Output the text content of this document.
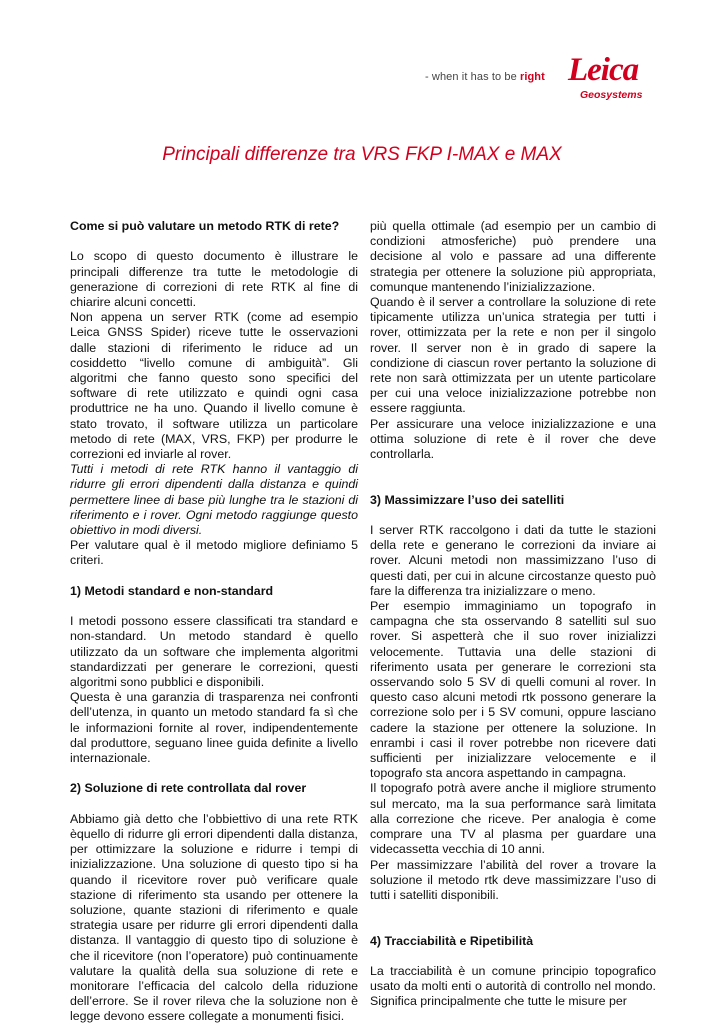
- when it has to be right Leica
Geosystems
Principali differenze tra VRS FKP I-MAX e MAX
Come si può valutare un metodo RTK di rete?

Lo scopo di questo documento è illustrare le principali differenze tra tutte le metodologie di generazione di correzioni di rete RTK al fine di chiarire alcuni concetti.

Non appena un server RTK (come ad esempio Leica GNSS Spider) riceve tutte le osservazioni dalle stazioni di riferimento le riduce ad un cosiddetto “livello comune di ambiguità”. Gli algoritmi che fanno questo sono specifici del software di rete utilizzato e quindi ogni casa produttrice ne ha uno. Quando il livello comune è stato trovato, il software utilizza un particolare metodo di rete (MAX, VRS, FKP) per produrre le correzioni ed inviarle al rover.

Tutti i metodi di rete RTK hanno il vantaggio di ridurre gli errori dipendenti dalla distanza e quindi permettere linee di base più lunghe tra le stazioni di riferimento e i rover. Ogni metodo raggiunge questo obiettivo in modi diversi.

Per valutare qual è il metodo migliore definiamo 5 criteri.

1) Metodi standard e non-standard

I metodi possono essere classificati tra standard e non-standard. Un metodo standard è quello utilizzato da un software che implementa algoritmi standardizzati per generare le correzioni, questi algoritmi sono pubblici e disponibili.

Questa è una garanzia di trasparenza nei confronti dell’utenza, in quanto un metodo standard fa sì che le informazioni fornite al rover, indipendentemente dal produttore, seguano linee guida definite a livello internazionale.

2) Soluzione di rete controllata dal rover

Abbiamo già detto che l’obbiettivo di una rete RTK èquello di ridurre gli errori dipendenti dalla distanza, per ottimizzare la soluzione e ridurre i tempi di inizializzazione. Una soluzione di questo tipo si ha quando il ricevitore rover può verificare quale stazione di riferimento sta usando per ottenere la soluzione, quante stazioni di riferimento e quale strategia usare per ridurre gli errori dipendenti dalla distanza. Il vantaggio di questo tipo di soluzione è che il ricevitore (non l’operatore) può continuamente valutare la qualità della sua soluzione di rete e monitorare l’efficacia del calcolo della riduzione dell’errore. Se il rover rileva che la soluzione non è legge devono essere collegate a monumenti fisici.

più quella ottimale (ad esempio per un cambio di condizioni atmosferiche) può prendere una decisione al volo e passare ad una differente strategia per ottenere la soluzione più appropriata, comunque mantenendo l’inizializzazione.

Quando è il server a controllare la soluzione di rete tipicamente utilizza un’unica strategia per tutti i rover, ottimizzata per la rete e non per il singolo rover. Il server non è in grado di sapere la condizione di ciascun rover pertanto la soluzione di rete non sarà ottimizzata per un utente particolare per cui una veloce inizializzazione potrebbe non essere raggiunta.

Per assicurare una veloce inizializzazione e una ottima soluzione di rete è il rover che deve controllarla.

3) Massimizzare l’uso dei satelliti

I server RTK raccolgono i dati da tutte le stazioni della rete e generano le correzioni da inviare ai rover. Alcuni metodi non massimizzano l’uso di questi dati, per cui in alcune circostanze questo può fare la differenza tra inizializzare o meno.

Per esempio immaginiamo un topografo in campagna che sta osservando 8 satelliti sul suo rover. Si aspetterà che il suo rover inizializzi velocemente. Tuttavia una delle stazioni di riferimento usata per generare le correzioni sta osservando solo 5 SV di quelli comuni al rover. In questo caso alcuni metodi rtk possono generare la correzione solo per i 5 SV comuni, oppure lasciano cadere la stazione per ottenere la soluzione. In enrambi i casi il rover potrebbe non ricevere dati sufficienti per inizializzare velocemente e il topografo sta ancora aspettando in campagna.

Il topografo potrà avere anche il migliore strumento sul mercato, ma la sua performance sarà limitata alla correzione che riceve. Per analogia è come comprare una TV al plasma per guardare una videcassetta vecchia di 10 anni.

Per massimizzare l’abilità del rover a trovare la soluzione il metodo rtk deve massimizzare l’uso di tutti i satelliti disponibili.

4) Tracciabilità e Ripetibilità

La tracciabilità è un comune principio topografico usato da molti enti o autorità di controllo nel mondo. Significa principalmente che tutte le misure per
